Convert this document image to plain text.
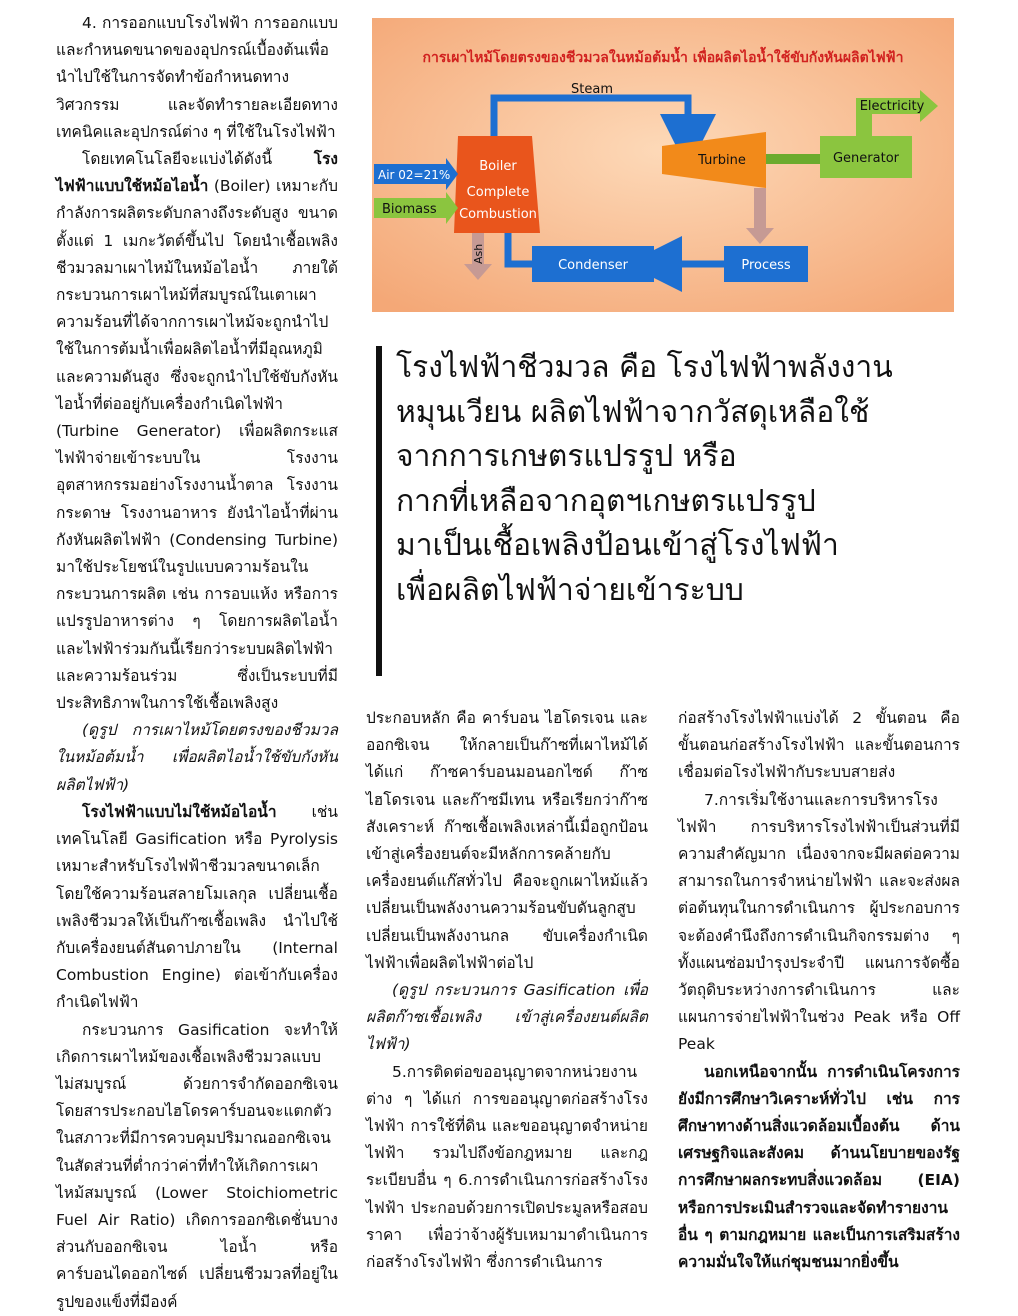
4. การออกแบบโรงไฟฟ้า การออกแบบและกำหนดขนาดของอุปกรณ์เบื้องต้นเพื่อนำไปใช้ในการจัดทำข้อกำหนดทางวิศวกรรม และจัดทำรายละเอียดทางเทคนิคและอุปกรณ์ต่าง ๆ ที่ใช้ในโรงไฟฟ้า

โดยเทคโนโลยีจะแบ่งได้ดังนี้ โรงไฟฟ้าแบบใช้หม้อไอน้ำ (Boiler) เหมาะกับกำลังการผลิตระดับกลางถึงระดับสูง ขนาดตั้งแต่ 1 เมกะวัตต์ขึ้นไป โดยนำเชื้อเพลิงชีวมวลมาเผาไหม้ในหม้อไอน้ำ ภายใต้กระบวนการเผาไหม้ที่สมบูรณ์ในเตาเผา ความร้อนที่ได้จากการเผาไหม้จะถูกนำไปใช้ในการต้มน้ำเพื่อผลิตไอน้ำที่มีอุณหภูมิและความดันสูง ซึ่งจะถูกนำไปใช้ขับกังหันไอน้ำที่ต่ออยู่กับเครื่องกำเนิดไฟฟ้า (Turbine Generator) เพื่อผลิตกระแสไฟฟ้าจ่ายเข้าระบบใน โรงงานอุตสาหกรรมอย่างโรงงานน้ำตาล โรงงานกระดาษ โรงงานอาหาร ยังนำไอน้ำที่ผ่านกังหันผลิตไฟฟ้า (Condensing Turbine) มาใช้ประโยชน์ในรูปแบบความร้อนในกระบวนการผลิต เช่น การอบแห้ง หรือการแปรรูปอาหารต่าง ๆ โดยการผลิตไอน้ำและไฟฟ้าร่วมกันนี้เรียกว่าระบบผลิตไฟฟ้าและความร้อนร่วม ซึ่งเป็นระบบที่มีประสิทธิภาพในการใช้เชื้อเพลิงสูง

(ดูรูป การเผาไหม้โดยตรงของชีวมวลในหม้อต้มน้ำ เพื่อผลิตไอน้ำใช้ขับกังหันผลิตไฟฟ้า)

โรงไฟฟ้าแบบไม่ใช้หม้อไอน้ำ เช่น เทคโนโลยี Gasification หรือ Pyrolysis เหมาะสำหรับโรงไฟฟ้าชีวมวลขนาดเล็ก โดยใช้ความร้อนสลายโมเลกุล เปลี่ยนเชื้อเพลิงชีวมวลให้เป็นก๊าซเชื้อเพลิง นำไปใช้กับเครื่องยนต์สันดาปภายใน (Internal Combustion Engine) ต่อเข้ากับเครื่องกำเนิดไฟฟ้า

กระบวนการ Gasification จะทำให้เกิดการเผาไหม้ของเชื้อเพลิงชีวมวลแบบไม่สมบูรณ์ ด้วยการจำกัดออกซิเจน โดยสารประกอบไฮโดรคาร์บอนจะแตกตัวในสภาวะที่มีการควบคุมปริมาณออกซิเจนในสัดส่วนที่ต่ำกว่าค่าที่ทำให้เกิดการเผาไหม้สมบูรณ์ (Lower Stoichiometric Fuel Air Ratio) เกิดการออกซิเดชั่นบางส่วนกับออกซิเจน ไอน้ำ หรือคาร์บอนไดออกไซด์ เปลี่ยนชีวมวลที่อยู่ในรูปของแข็งที่มีองค์

การเผาไหม้โดยตรงของชีวมวลในหม้อต้มน้ำ เพื่อผลิตไอน้ำใช้ขับกังหันผลิตไฟฟ้า
Steam
Boiler
Complete
Combustion
Air 02=21%
Biomass
Ash
Condenser
Turbine
Process
Generator
Electricity

โรงไฟฟ้าชีวมวล คือ โรงไฟฟ้าพลังงาน

หมุนเวียน ผลิตไฟฟ้าจากวัสดุเหลือใช้

จากการเกษตรแปรรูป หรือ

กากที่เหลือจากอุตฯเกษตรแปรรูป

มาเป็นเชื้อเพลิงป้อนเข้าสู่โรงไฟฟ้า

เพื่อผลิตไฟฟ้าจ่ายเข้าระบบ

ประกอบหลัก คือ คาร์บอน ไฮโดรเจน และออกซิเจน ให้กลายเป็นก๊าซที่เผาไหม้ได้ ได้แก่ ก๊าซคาร์บอนมอนอกไซด์ ก๊าซไฮโดรเจน และก๊าซมีเทน หรือเรียกว่าก๊าซสังเคราะห์ ก๊าซเชื้อเพลิงเหล่านี้เมื่อถูกป้อนเข้าสู่เครื่องยนต์จะมีหลักการคล้ายกับเครื่องยนต์แก๊สทั่วไป คือจะถูกเผาไหม้แล้วเปลี่ยนเป็นพลังงานความร้อนขับดันลูกสูบเปลี่ยนเป็นพลังงานกล ขับเครื่องกำเนิดไฟฟ้าเพื่อผลิตไฟฟ้าต่อไป

(ดูรูป กระบวนการ Gasification เพื่อผลิตก๊าซเชื้อเพลิง เข้าสู่เครื่องยนต์ผลิตไฟฟ้า)

5.การติดต่อขออนุญาตจากหน่วยงานต่าง ๆ ได้แก่ การขออนุญาตก่อสร้างโรงไฟฟ้า การใช้ที่ดิน และขออนุญาตจำหน่ายไฟฟ้า รวมไปถึงข้อกฎหมาย และกฎระเบียบอื่น ๆ 6.การดำเนินการก่อสร้างโรงไฟฟ้า ประกอบด้วยการเปิดประมูลหรือสอบราคา เพื่อว่าจ้างผู้รับเหมามาดำเนินการก่อสร้างโรงไฟฟ้า ซึ่งการดำเนินการ

ก่อสร้างโรงไฟฟ้าแบ่งได้ 2 ขั้นตอน คือ ขั้นตอนก่อสร้างโรงไฟฟ้า และขั้นตอนการเชื่อมต่อโรงไฟฟ้ากับระบบสายส่ง

7.การเริ่มใช้งานและการบริหารโรงไฟฟ้า การบริหารโรงไฟฟ้าเป็นส่วนที่มีความสำคัญมาก เนื่องจากจะมีผลต่อความสามารถในการจำหน่ายไฟฟ้า และจะส่งผลต่อต้นทุนในการดำเนินการ ผู้ประกอบการจะต้องคำนึงถึงการดำเนินกิจกรรมต่าง ๆ ทั้งแผนซ่อมบำรุงประจำปี แผนการจัดซื้อวัตถุดิบระหว่างการดำเนินการ และแผนการจ่ายไฟฟ้าในช่วง Peak หรือ Off Peak

นอกเหนือจากนั้น การดำเนินโครงการยังมีการศึกษาวิเคราะห์ทั่วไป เช่น การศึกษาทางด้านสิ่งแวดล้อมเบื้องต้น ด้านเศรษฐกิจและสังคม ด้านนโยบายของรัฐ การศึกษาผลกระทบสิ่งแวดล้อม (EIA) หรือการประเมินสำรวจและจัดทำรายงานอื่น ๆ ตามกฎหมาย และเป็นการเสริมสร้างความมั่นใจให้แก่ชุมชนมากยิ่งขึ้น
